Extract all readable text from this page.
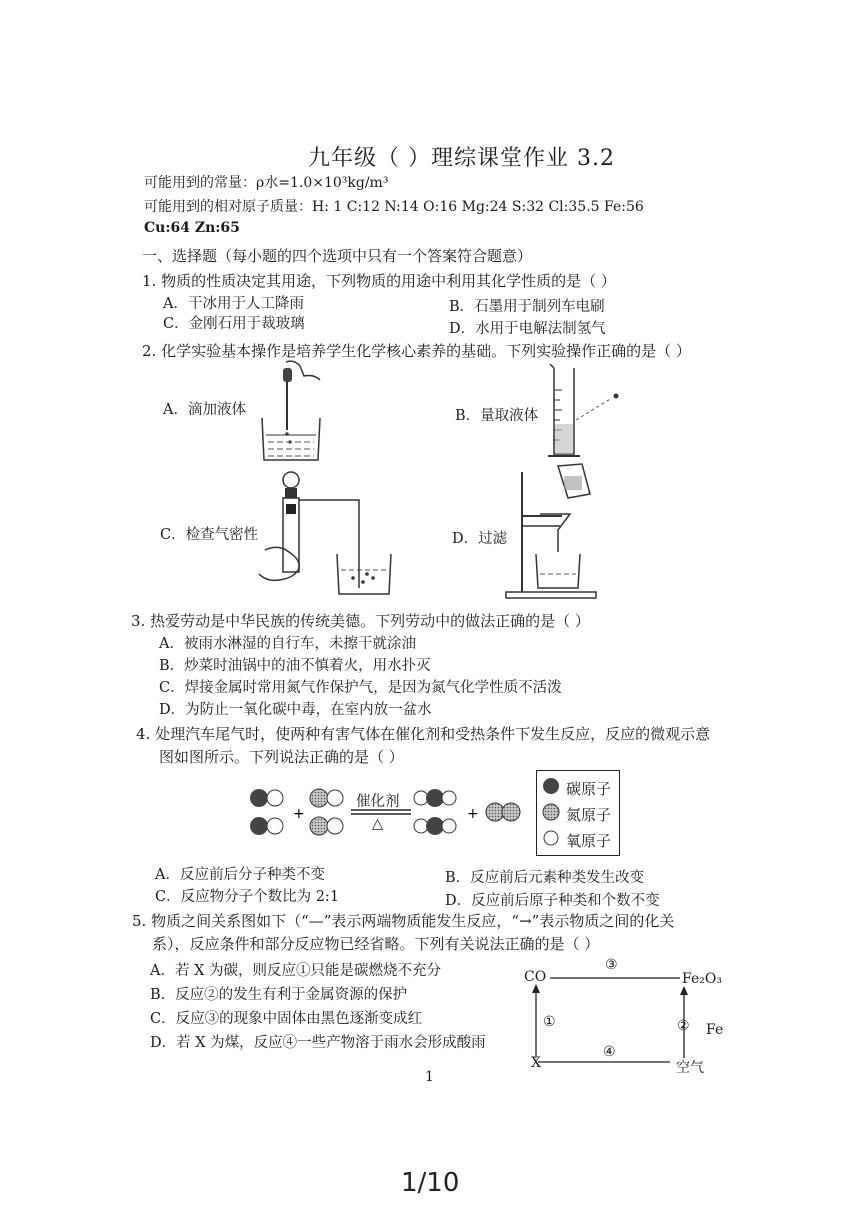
九年级（ ）理综课堂作业 3.2
可能用到的常量：ρ水=1.0×10³kg/m³
可能用到的相对原子质量：H: 1 C:12 N:14 O:16 Mg:24 S:32 Cl:35.5 Fe:56
Cu:64 Zn:65
一、选择题（每小题的四个选项中只有一个答案符合题意）
1. 物质的性质决定其用途，下列物质的用途中利用其化学性质的是（ ）
A．干冰用于人工降雨	B．石墨用于制列车电刷
C．金刚石用于裁玻璃	D．水用于电解法制氢气
2. 化学实验基本操作是培养学生化学核心素养的基础。下列实验操作正确的是（ ）
A．滴加液体	B．量取液体
C．检查气密性	D．过滤
3. 热爱劳动是中华民族的传统美德。下列劳动中的做法正确的是（ ）
A．被雨水淋湿的自行车，未擦干就涂油
B．炒菜时油锅中的油不慎着火，用水扑灭
C．焊接金属时常用氮气作保护气，是因为氮气化学性质不活泼
D．为防止一氧化碳中毒，在室内放一盆水
4. 处理汽车尾气时，使两种有害气体在催化剂和受热条件下发生反应，反应的微观示意
图如图所示。下列说法正确的是（ ）
+	+
催化剂
△
碳原子
氮原子
氧原子
A．反应前后分子种类不变	B．反应前后元素种类发生改变
C．反应物分子个数比为 2:1	D．反应前后原子种类和个数不变
5. 物质之间关系图如下（“—”表示两端物质能发生反应，“→”表示物质之间的化关
系），反应条件和部分反应物已经省略。下列有关说法正确的是（ ）
A．若 X 为碳，则反应①只能是碳燃烧不充分
B．反应②的发生有利于金属资源的保护
C．反应③的现象中固体由黑色逐渐变成红
D．若 X 为煤，反应④一些产物溶于雨水会形成酸雨
CO	Fe₂O₃
X	空气
Fe
①	②
③
④
1
1/10
